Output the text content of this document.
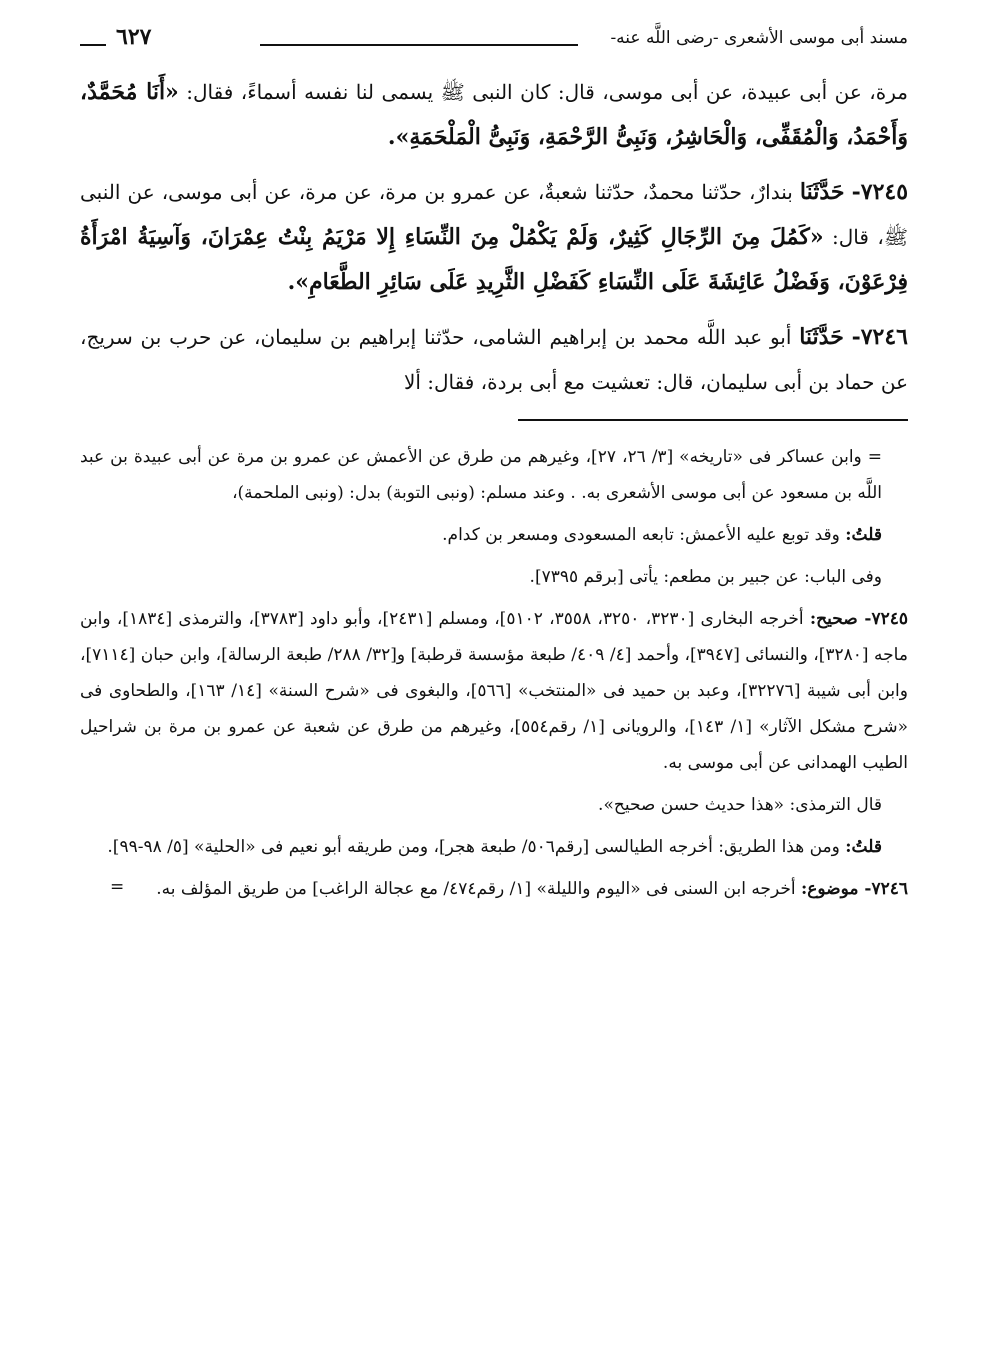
مسند أبى موسى الأشعرى -رضى اللَّه عنه-
٦٢٧

مرة، عن أبى عبيدة، عن أبى موسى، قال: كان النبى ﷺ يسمى لنا نفسه أسماءً، فقال: «أَنَا مُحَمَّدٌ، وَأَحْمَدُ، وَالْمُقَفِّى، وَالْحَاشِرُ، وَنَبِىُّ الرَّحْمَةِ، وَنَبِىُّ الْمَلْحَمَةِ».

٧٢٤٥- حَدَّثَنَا بندارٌ، حدّثنا محمدٌ، حدّثنا شعبةٌ، عن عمرو بن مرة، عن مرة، عن أبى موسى، عن النبى ﷺ، قال: «كَمُلَ مِنَ الرِّجَالِ كَثِيرٌ، وَلَمْ يَكْمُلْ مِنَ النِّسَاءِ إِلا مَرْيَمُ بِنْتُ عِمْرَانَ، وَآسِيَةُ امْرَأَةُ فِرْعَوْنَ، وَفَضْلُ عَائِشَةَ عَلَى النِّسَاءِ كَفَضْلِ الثَّرِيدِ عَلَى سَائِرِ الطَّعَامِ».

٧٢٤٦- حَدَّثَنَا أبو عبد اللَّه محمد بن إبراهيم الشامى، حدّثنا إبراهيم بن سليمان، عن حرب بن سريج، عن حماد بن أبى سليمان، قال: تعشيت مع أبى بردة، فقال: ألا

= وابن عساكر فى «تاريخه» [٣/ ٢٦، ٢٧]، وغيرهم من طرق عن الأعمش عن عمرو بن مرة عن أبى عبيدة بن عبد اللَّه بن مسعود عن أبى موسى الأشعرى به. . وعند مسلم: (ونبى التوبة) بدل: (ونبى الملحمة)،

قلتُ: وقد توبع عليه الأعمش: تابعه المسعودى ومسعر بن كدام.

وفى الباب: عن جبير بن مطعم: يأتى [برقم ٧٣٩٥].

٧٢٤٥- صحيح: أخرجه البخارى [٣٢٣٠، ٣٢٥٠، ٣٥٥٨، ٥١٠٢]، ومسلم [٢٤٣١]، وأبو داود [٣٧٨٣]، والترمذى [١٨٣٤]، وابن ماجه [٣٢٨٠]، والنسائى [٣٩٤٧]، وأحمد [٤/ ٤٠٩/ طبعة مؤسسة قرطبة] و[٣٢/ ٢٨٨/ طبعة الرسالة]، وابن حبان [٧١١٤]، وابن أبى شيبة [٣٢٢٧٦]، وعبد بن حميد فى «المنتخب» [٥٦٦]، والبغوى فى «شرح السنة» [١٤/ ١٦٣]، والطحاوى فى «شرح مشكل الآثار» [١/ ١٤٣]، والرويانى [١/ رقم٥٥٤]، وغيرهم من طرق عن شعبة عن عمرو بن مرة بن شراحيل الطيب الهمدانى عن أبى موسى به.

قال الترمذى: «هذا حديث حسن صحيح».

قلتُ: ومن هذا الطريق: أخرجه الطيالسى [رقم٥٠٦/ طبعة هجر]، ومن طريقه أبو نعيم فى «الحلية» [٥/ ٩٨-٩٩].

٧٢٤٦- موضوع: أخرجه ابن السنى فى «اليوم والليلة» [١/ رقم٤٧٤/ مع عجالة الراغب] من طريق المؤلف به.

=
